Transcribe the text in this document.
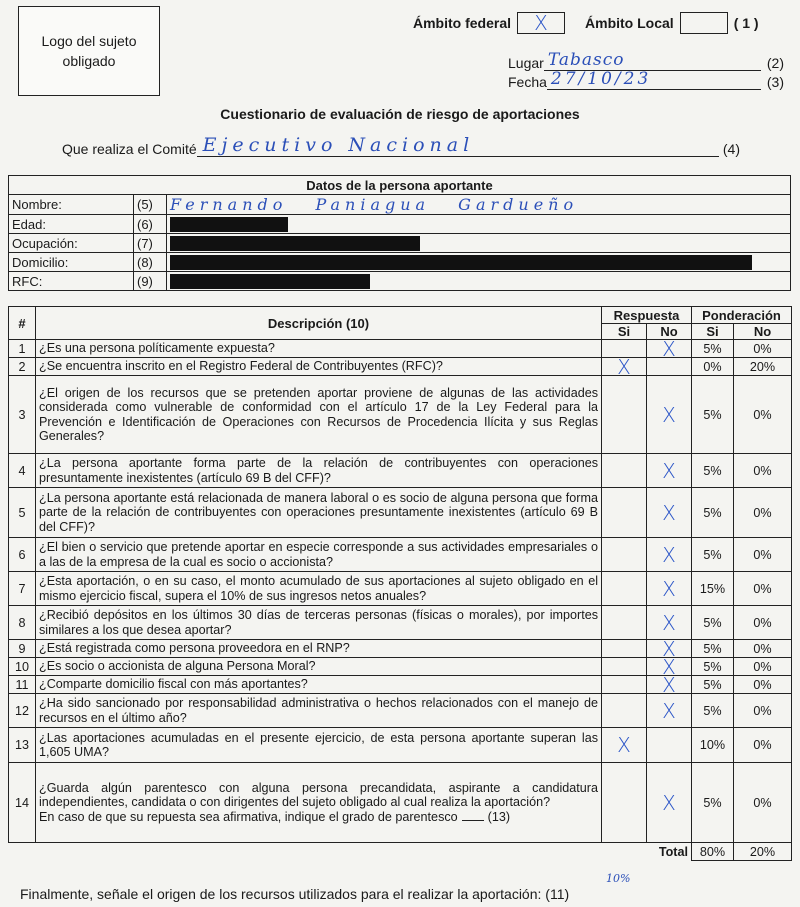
Logo del sujeto obligado
Ámbito federal	X	Ámbito Local	( 1 )
Lugar Tabasco	(2)
Fecha 27/10/23	(3)
Cuestionario de evaluación de riesgo de aportaciones
Que realiza el Comité Ejecutivo Nacional	(4)
Datos de la persona aportante		
Nombre:	(5)	Fernando Paniagua Gardueño
Edad:	(6)	
Ocupación:	(7)	
Domicilio:	(8)	
RFC:	(9)	
#	Descripción (10)	Respuesta		Ponderación	
		Si	No	Si	No
1	¿Es una persona políticamente expuesta?		X	5%	0%
2	¿Se encuentra inscrito en el Registro Federal de Contribuyentes (RFC)?	X		0%	20%
3	¿El origen de los recursos que se pretenden aportar proviene de algunas de las actividades considerada como vulnerable de conformidad con el artículo 17 de la Ley Federal para la Prevención e Identificación de Operaciones con Recursos de Procedencia Ilícita y sus Reglas Generales?		X	5%	0%
4	¿La persona aportante forma parte de la relación de contribuyentes con operaciones presuntamente inexistentes (artículo 69 B del CFF)?		X	5%	0%
5	¿La persona aportante está relacionada de manera laboral o es socio de alguna persona que forma parte de la relación de contribuyentes con operaciones presuntamente inexistentes (artículo 69 B del CFF)?		X	5%	0%
6	¿El bien o servicio que pretende aportar en especie corresponde a sus actividades empresariales o a las de la empresa de la cual es socio o accionista?		X	5%	0%
7	¿Esta aportación, o en su caso, el monto acumulado de sus aportaciones al sujeto obligado en el mismo ejercicio fiscal, supera el 10% de sus ingresos netos anuales?		X	15%	0%
8	¿Recibió depósitos en los últimos 30 días de terceras personas (físicas o morales), por importes similares a los que desea aportar?		X	5%	0%
9	¿Está registrada como persona proveedora en el RNP?		X	5%	0%
10	¿Es socio o accionista de alguna Persona Moral?		X	5%	0%
11	¿Comparte domicilio fiscal con más aportantes?		X	5%	0%
12	¿Ha sido sancionado por responsabilidad administrativa o hechos relacionados con el manejo de recursos en el último año?		X	5%	0%
13	¿Las aportaciones acumuladas en el presente ejercicio, de esta persona aportante superan las 1,605 UMA?	X		10%	0%
14	¿Guarda algún parentesco con alguna persona precandidata, aspirante a candidatura independientes, candidata o con dirigentes del sujeto obligado al cual realiza la aportación?
En caso de que su repuesta sea afirmativa, indique el grado de parentesco (13)		X	5%	0%
Total				80%	20%
10%
Finalmente, señale el origen de los recursos utilizados para el realizar la aportación: (11)
